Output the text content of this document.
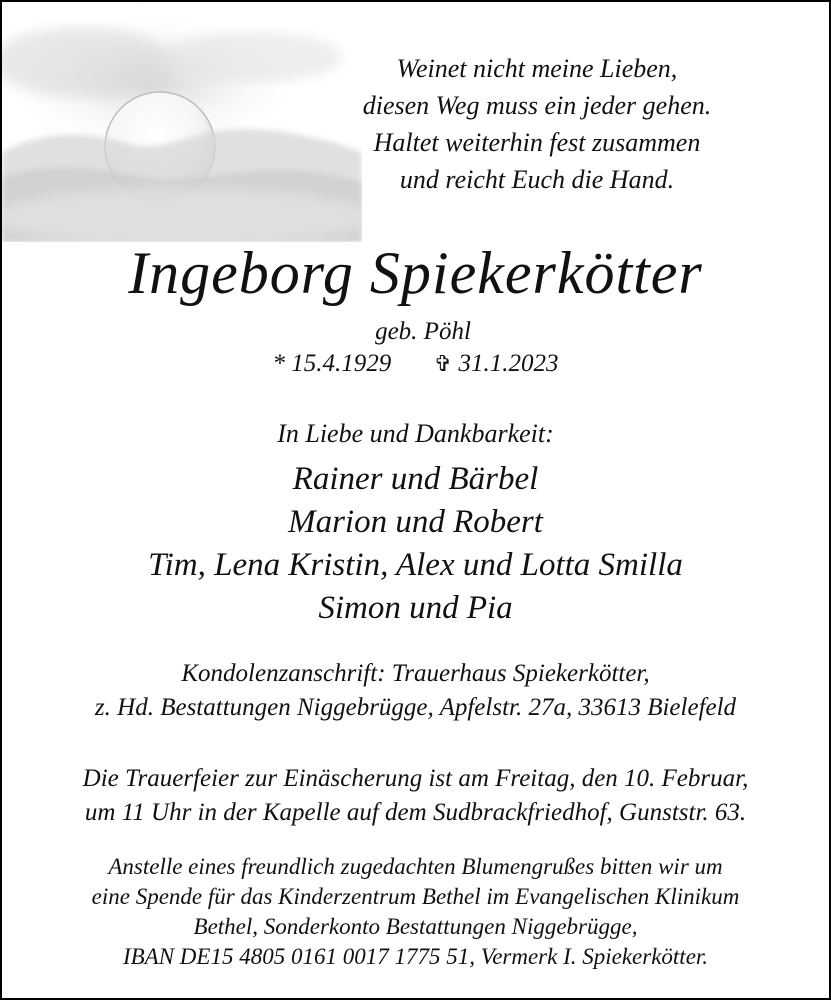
Weinet nicht meine Lieben,
diesen Weg muss ein jeder gehen.
Haltet weiterhin fest zusammen
und reicht Euch die Hand.
Ingeborg Spiekerkötter
geb. Pöhl
* 15.4.1929 ✞ 31.1.2023
In Liebe und Dankbarkeit:
Rainer und Bärbel
Marion und Robert
Tim, Lena Kristin, Alex und Lotta Smilla
Simon und Pia
Kondolenzanschrift: Trauerhaus Spiekerkötter,
z. Hd. Bestattungen Niggebrügge, Apfelstr. 27a, 33613 Bielefeld
Die Trauerfeier zur Einäscherung ist am Freitag, den 10. Februar,
um 11 Uhr in der Kapelle auf dem Sudbrackfriedhof, Gunststr. 63.
Anstelle eines freundlich zugedachten Blumengrußes bitten wir um
eine Spende für das Kinderzentrum Bethel im Evangelischen Klinikum
Bethel, Sonderkonto Bestattungen Niggebrügge,
IBAN DE15 4805 0161 0017 1775 51, Vermerk I. Spiekerkötter.
